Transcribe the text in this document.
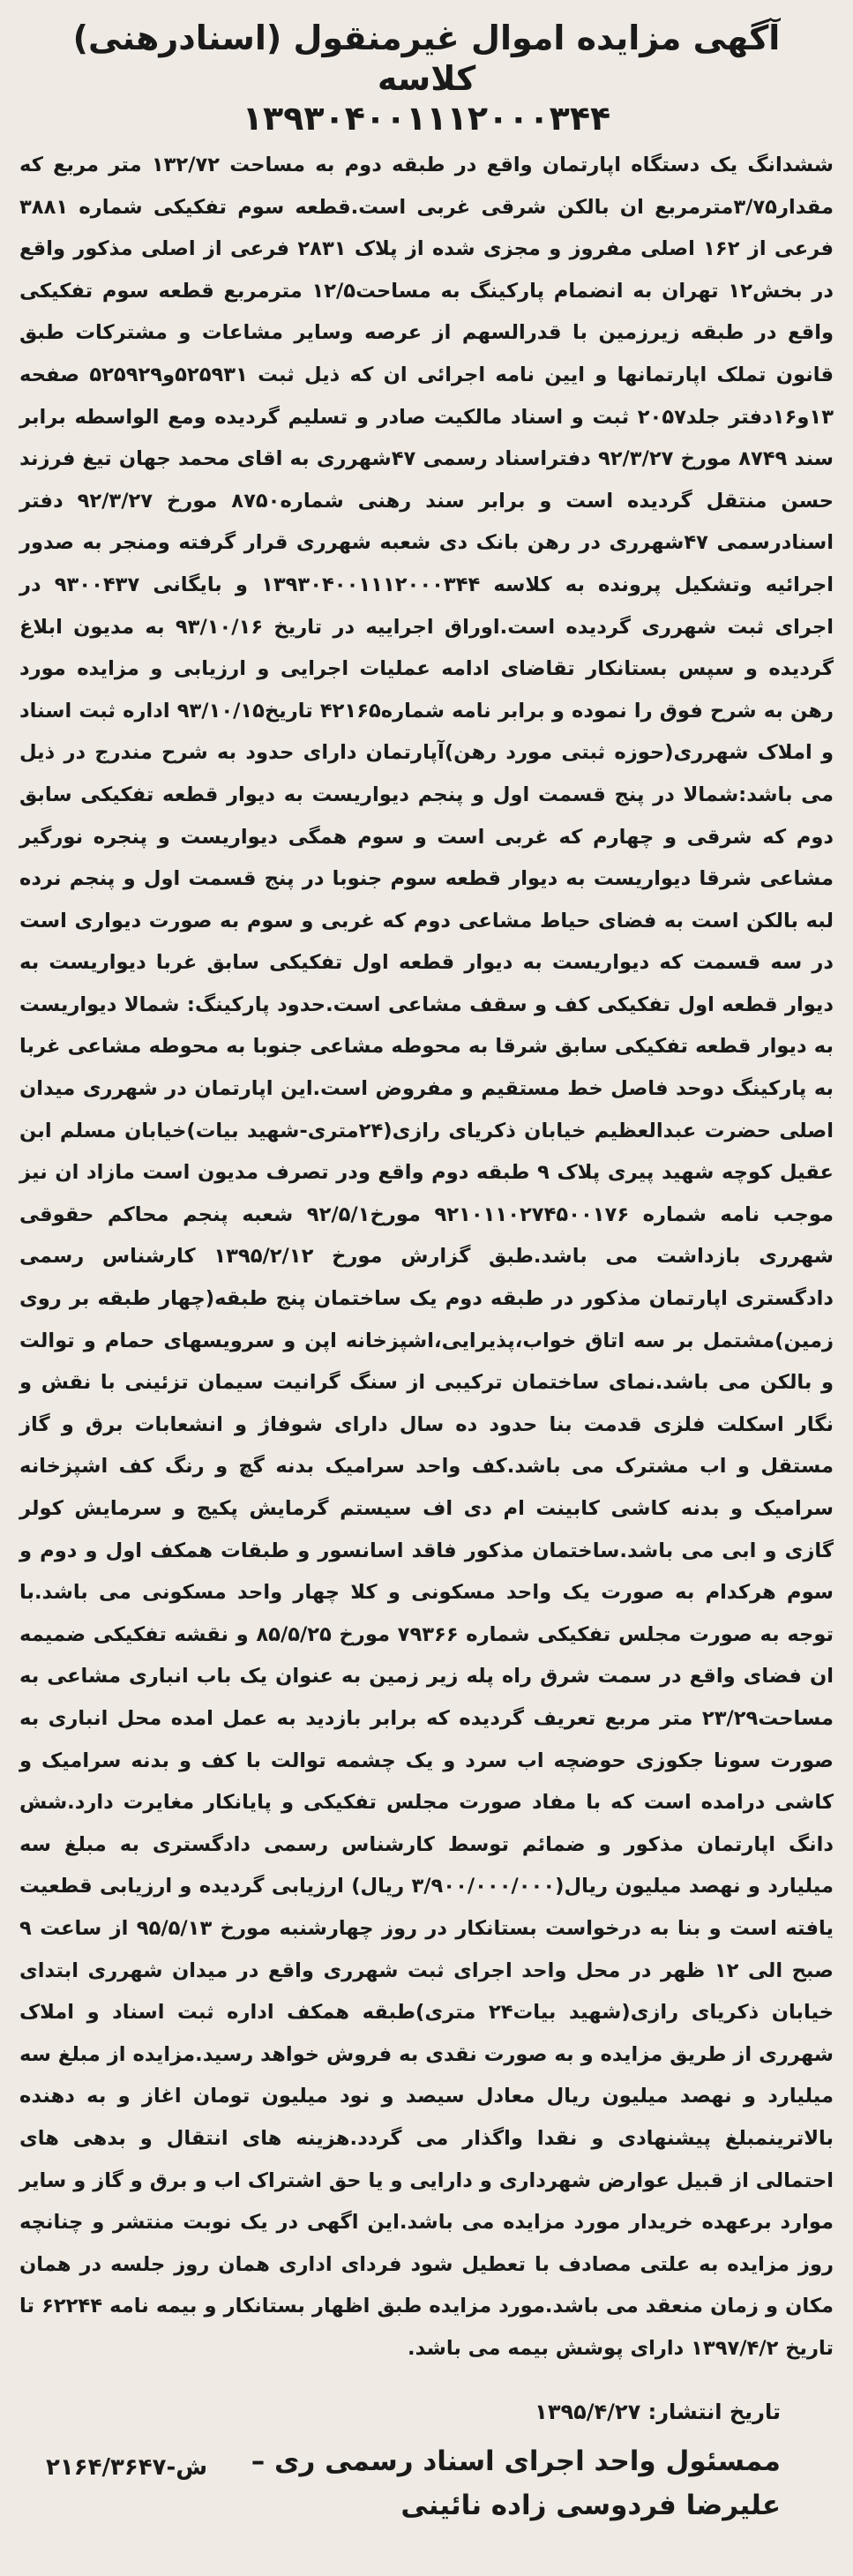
آگهی مزایده اموال غیرمنقول (اسنادرهنی) کلاسه
۱۳۹۳۰۴۰۰۱۱۱۲۰۰۰۳۴۴

ششدانگ یک دستگاه اپارتمان واقع در طبقه دوم به مساحت ۱۳۲/۷۲ متر مربع که مقدار۳/۷۵مترمربع ان بالکن شرقی غربی است.قطعه سوم تفکیکی شماره ۳۸۸۱ فرعی از ۱۶۲ اصلی مفروز و مجزی شده از پلاک ۲۸۳۱ فرعی از اصلی مذکور واقع در بخش۱۲ تهران به انضمام پارکینگ به مساحت۱۲/۵ مترمربع قطعه سوم تفکیکی واقع در طبقه زیرزمین با قدرالسهم از عرصه وسایر مشاعات و مشترکات طبق قانون تملک اپارتمانها و ایین نامه اجرائی ان که ذیل ثبت ۵۲۵۹۳۱و۵۲۵۹۲۹ صفحه ۱۳و۱۶دفتر جلد۲۰۵۷ ثبت و اسناد مالکیت صادر و تسلیم گردیده ومع الواسطه برابر سند ۸۷۴۹ مورخ ۹۲/۳/۲۷ دفتراسناد رسمی ۴۷شهرری به اقای محمد جهان تیغ فرزند حسن منتقل گردیده است و برابر سند رهنی شماره۸۷۵۰ مورخ ۹۲/۳/۲۷ دفتر اسنادرسمی ۴۷شهرری در رهن بانک دی شعبه شهرری قرار گرفته ومنجر به صدور اجرائیه وتشکیل پرونده به کلاسه ۱۳۹۳۰۴۰۰۱۱۱۲۰۰۰۳۴۴ و بایگانی ۹۳۰۰۴۳۷ در اجرای ثبت شهرری گردیده است.اوراق اجراییه در تاریخ ۹۳/۱۰/۱۶ به مدیون ابلاغ گردیده و سپس بستانکار تقاضای ادامه عملیات اجرایی و ارزیابی و مزایده مورد رهن به شرح فوق را نموده و برابر نامه شماره۴۲۱۶۵ تاریخ۹۳/۱۰/۱۵ اداره ثبت اسناد و املاک شهرری(حوزه ثبتی مورد رهن)آپارتمان دارای حدود به شرح مندرج در ذیل می باشد:شمالا در پنج قسمت اول و پنجم دیواریست به دیوار قطعه تفکیکی سابق دوم که شرقی و چهارم که غربی است و سوم همگی دیواریست و پنجره نورگیر مشاعی شرقا دیواریست به دیوار قطعه سوم جنوبا در پنج قسمت اول و پنجم نرده لبه بالکن است به فضای حیاط مشاعی دوم که غربی و سوم به صورت دیواری است در سه قسمت که دیواریست به دیوار قطعه اول تفکیکی سابق غربا دیواریست به دیوار قطعه اول تفکیکی کف و سقف مشاعی است.حدود پارکینگ: شمالا دیواریست به دیوار قطعه تفکیکی سابق شرقا به محوطه مشاعی جنوبا به محوطه مشاعی غربا به پارکینگ دوحد فاصل خط مستقیم و مفروض است.این اپارتمان در شهرری میدان اصلی حضرت عبدالعظیم خیابان ذکریای رازی(۲۴متری-شهید بیات)خیابان مسلم ابن عقیل کوچه شهید پیری پلاک ۹ طبقه دوم واقع ودر تصرف مدیون است مازاد ان نیز موجب نامه شماره ۹۲۱۰۱۱۰۲۷۴۵۰۰۱۷۶ مورخ۹۲/۵/۱ شعبه پنجم محاکم حقوقی شهرری بازداشت می باشد.طبق گزارش مورخ ۱۳۹۵/۲/۱۲ کارشناس رسمی دادگستری اپارتمان مذکور در طبقه دوم یک ساختمان پنج طبقه(چهار طبقه بر روی زمین)مشتمل بر سه اتاق خواب،پذیرایی،اشپزخانه اپن و سرویسهای حمام و توالت و بالکن می باشد.نمای ساختمان ترکیبی از سنگ گرانیت سیمان تزئینی با نقش و نگار اسکلت فلزی قدمت بنا حدود ده سال دارای شوفاژ و انشعابات برق و گاز مستقل و اب مشترک می باشد.کف واحد سرامیک بدنه گچ و رنگ کف اشپزخانه سرامیک و بدنه کاشی کابینت ام دی اف سیستم گرمایش پکیج و سرمایش کولر گازی و ابی می باشد.ساختمان مذکور فاقد اسانسور و طبقات همکف اول و دوم و سوم هرکدام به صورت یک واحد مسکونی و کلا چهار واحد مسکونی می باشد.با توجه به صورت مجلس تفکیکی شماره ۷۹۳۶۶ مورخ ۸۵/۵/۲۵ و نقشه تفکیکی ضمیمه ان فضای واقع در سمت شرق راه پله زیر زمین به عنوان یک باب انباری مشاعی به مساحت۲۳/۲۹ متر مربع تعریف گردیده که برابر بازدید به عمل امده محل انباری به صورت سونا جکوزی حوضچه اب سرد و یک چشمه توالت با کف و بدنه سرامیک و کاشی درامده است که با مفاد صورت مجلس تفکیکی و پایانکار مغایرت دارد.شش دانگ اپارتمان مذکور و ضمائم توسط کارشناس رسمی دادگستری به مبلغ سه میلیارد و نهصد میلیون ریال(۳/۹۰۰/۰۰۰/۰۰۰ ریال) ارزیابی گردیده و ارزیابی قطعیت یافته است و بنا به درخواست بستانکار در روز چهارشنبه مورخ ۹۵/۵/۱۳ از ساعت ۹ صبح الی ۱۲ ظهر در محل واحد اجرای ثبت شهرری واقع در میدان شهرری ابتدای خیابان ذکریای رازی(شهید بیات۲۴ متری)طبقه همکف اداره ثبت اسناد و املاک شهرری از طریق مزایده و به صورت نقدی به فروش خواهد رسید.مزایده از مبلغ سه میلیارد و نهصد میلیون ریال معادل سیصد و نود میلیون تومان اغاز و به دهنده بالاترینمبلغ پیشنهادی و نقدا واگذار می گردد.هزینه های انتقال و بدهی های احتمالی از قبیل عوارض شهرداری و دارایی و یا حق اشتراک اب و برق و گاز و سایر موارد برعهده خریدار مورد مزایده می باشد.این اگهی در یک نوبت منتشر و چنانچه روز مزایده به علتی مصادف با تعطیل شود فردای اداری همان روز جلسه در همان مکان و زمان منعقد می باشد.مورد مزایده طبق اظهار بستانکار و بیمه نامه ۶۲۲۴۴ تا تاریخ ۱۳۹۷/۴/۲ دارای پوشش بیمه می باشد.

تاریخ انتشار: ۱۳۹۵/۴/۲۷
۲۱۶۴/۳۶۴۷-ش ممسئول واحد اجرای اسناد رسمی ری –
علیرضا فردوسی زاده نائینی
